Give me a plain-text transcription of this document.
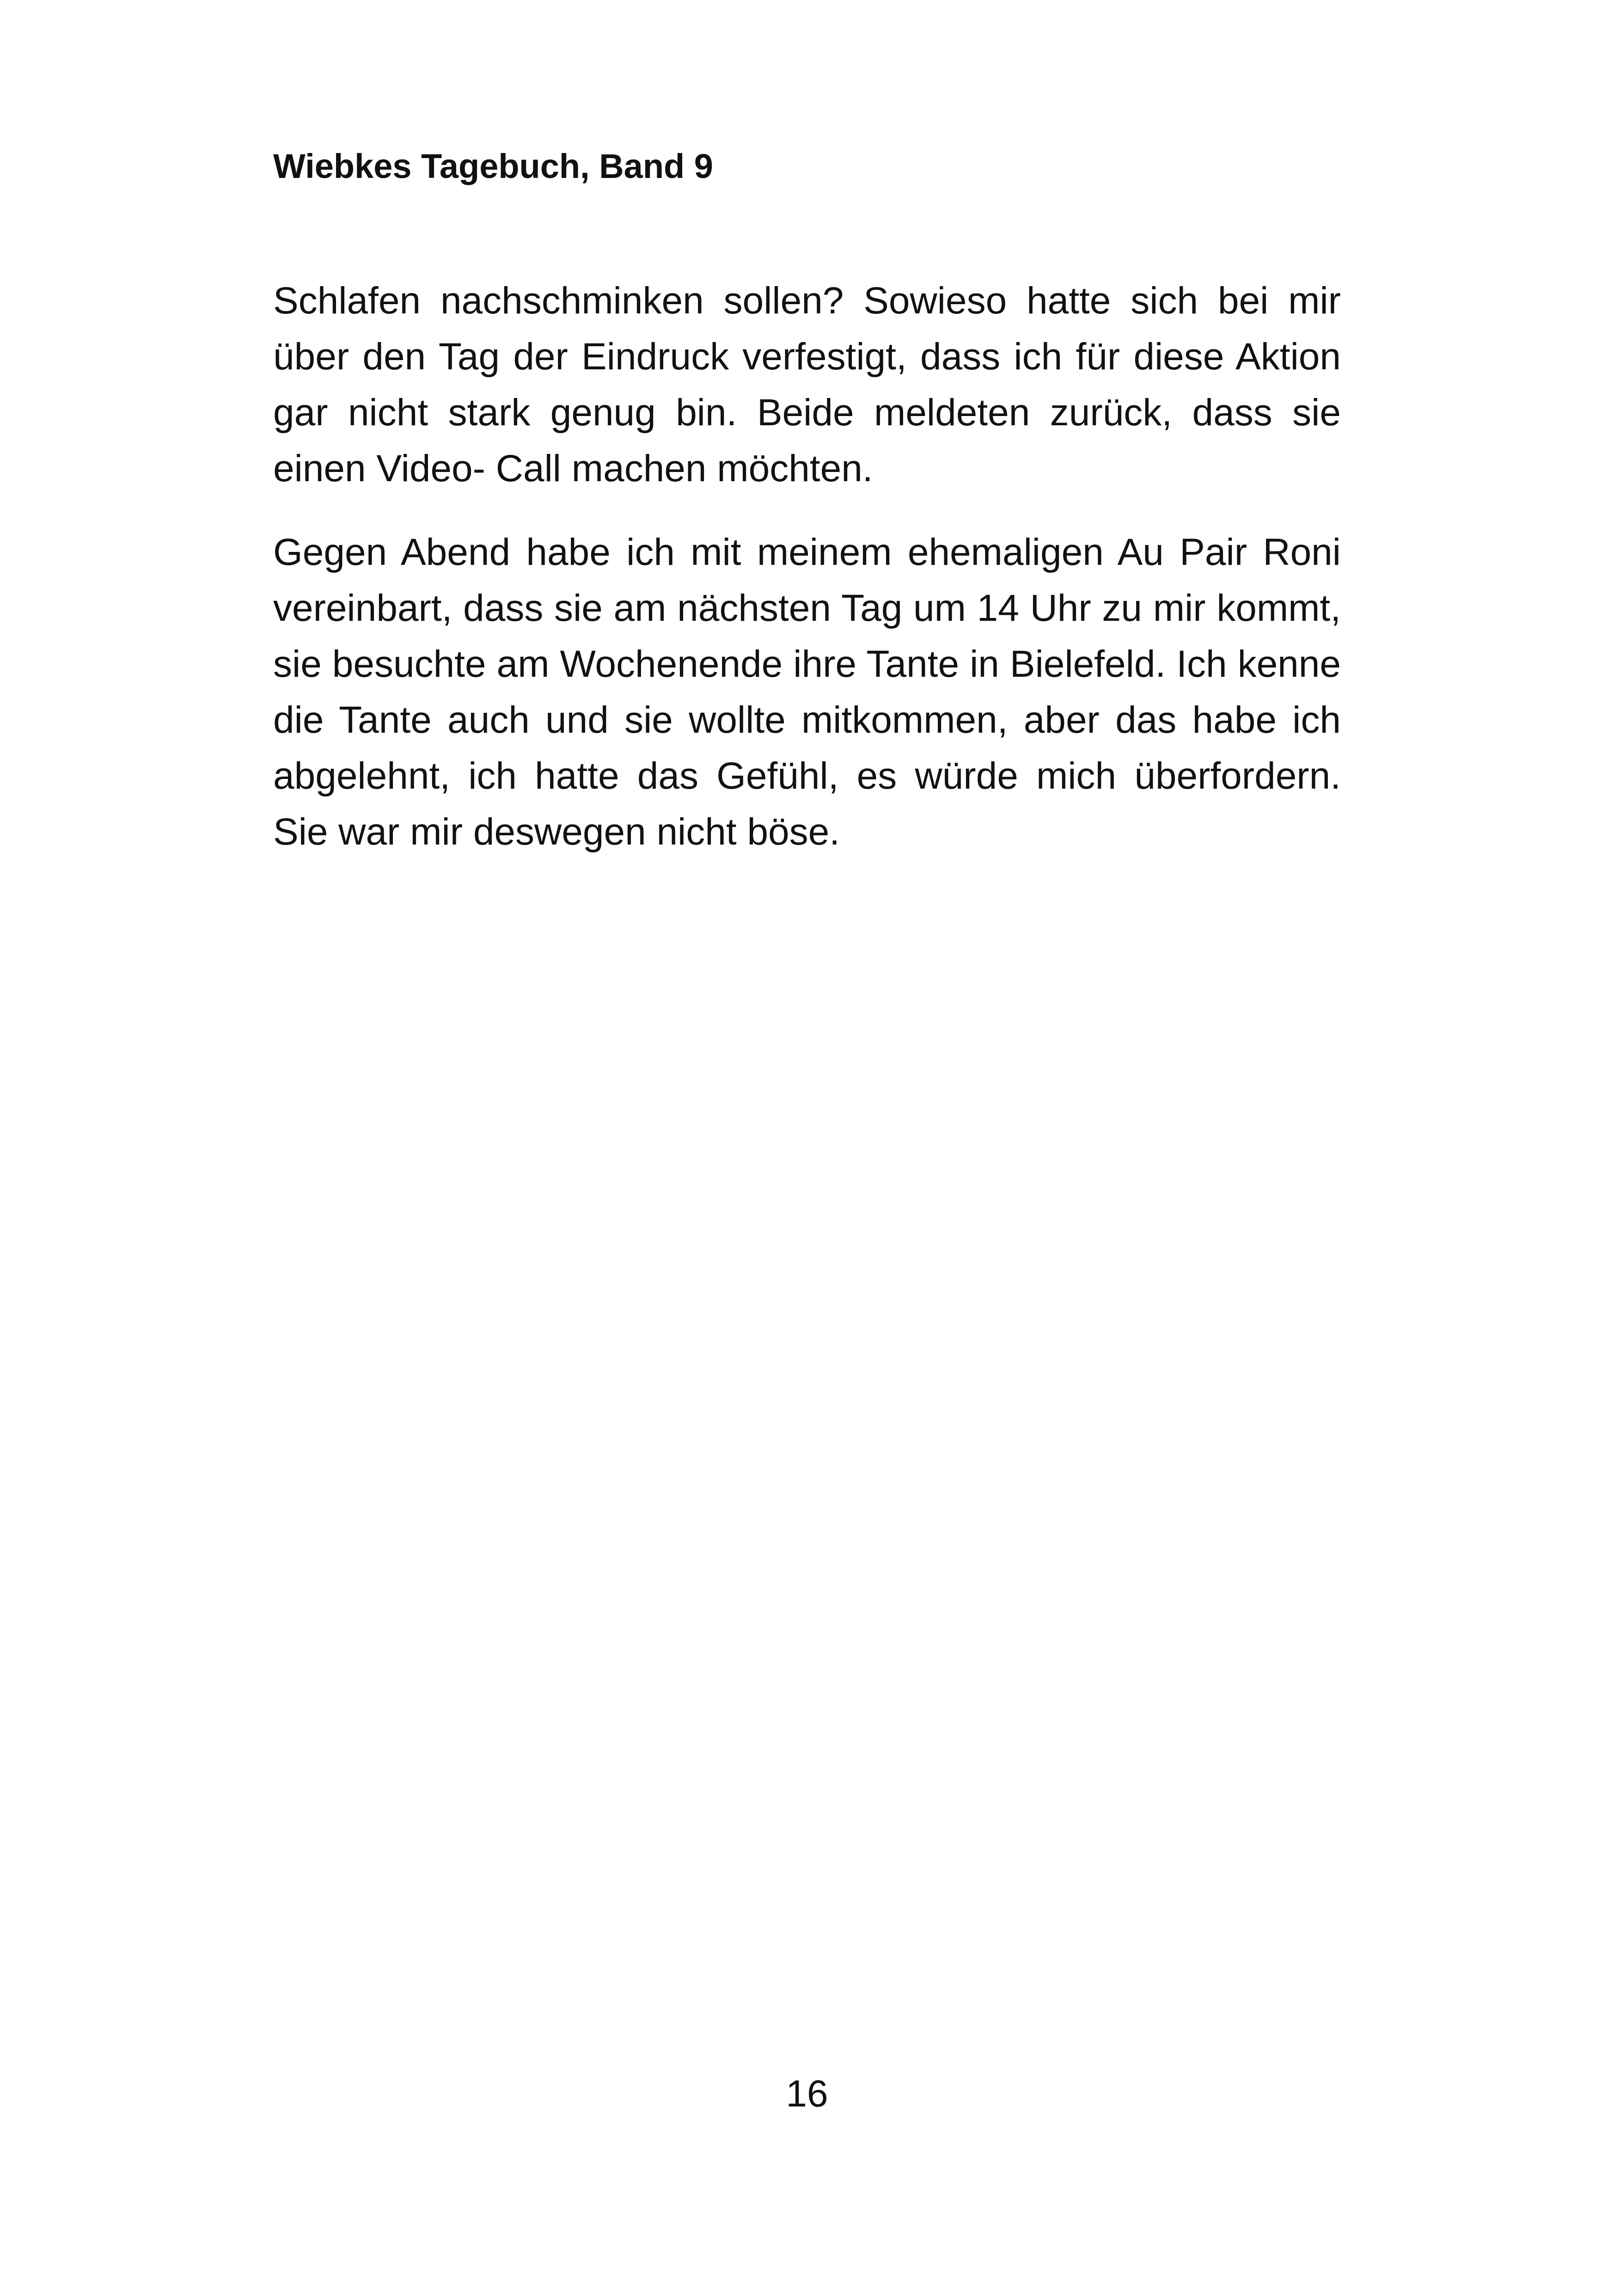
Wiebkes Tagebuch, Band 9

Schlafen nachschminken sollen? Sowieso hatte sich bei mir über den Tag der Eindruck verfestigt, dass ich für diese Aktion gar nicht stark genug bin. Beide meldeten zurück, dass sie einen Video- Call machen möchten.

Gegen Abend habe ich mit meinem ehemaligen Au Pair Roni vereinbart, dass sie am nächsten Tag um 14 Uhr zu mir kommt, sie besuchte am Wochenende ihre Tante in Bielefeld. Ich kenne die Tante auch und sie wollte mitkommen, aber das habe ich abgelehnt, ich hatte das Gefühl, es würde mich überfordern. Sie war mir deswegen nicht böse.

16
